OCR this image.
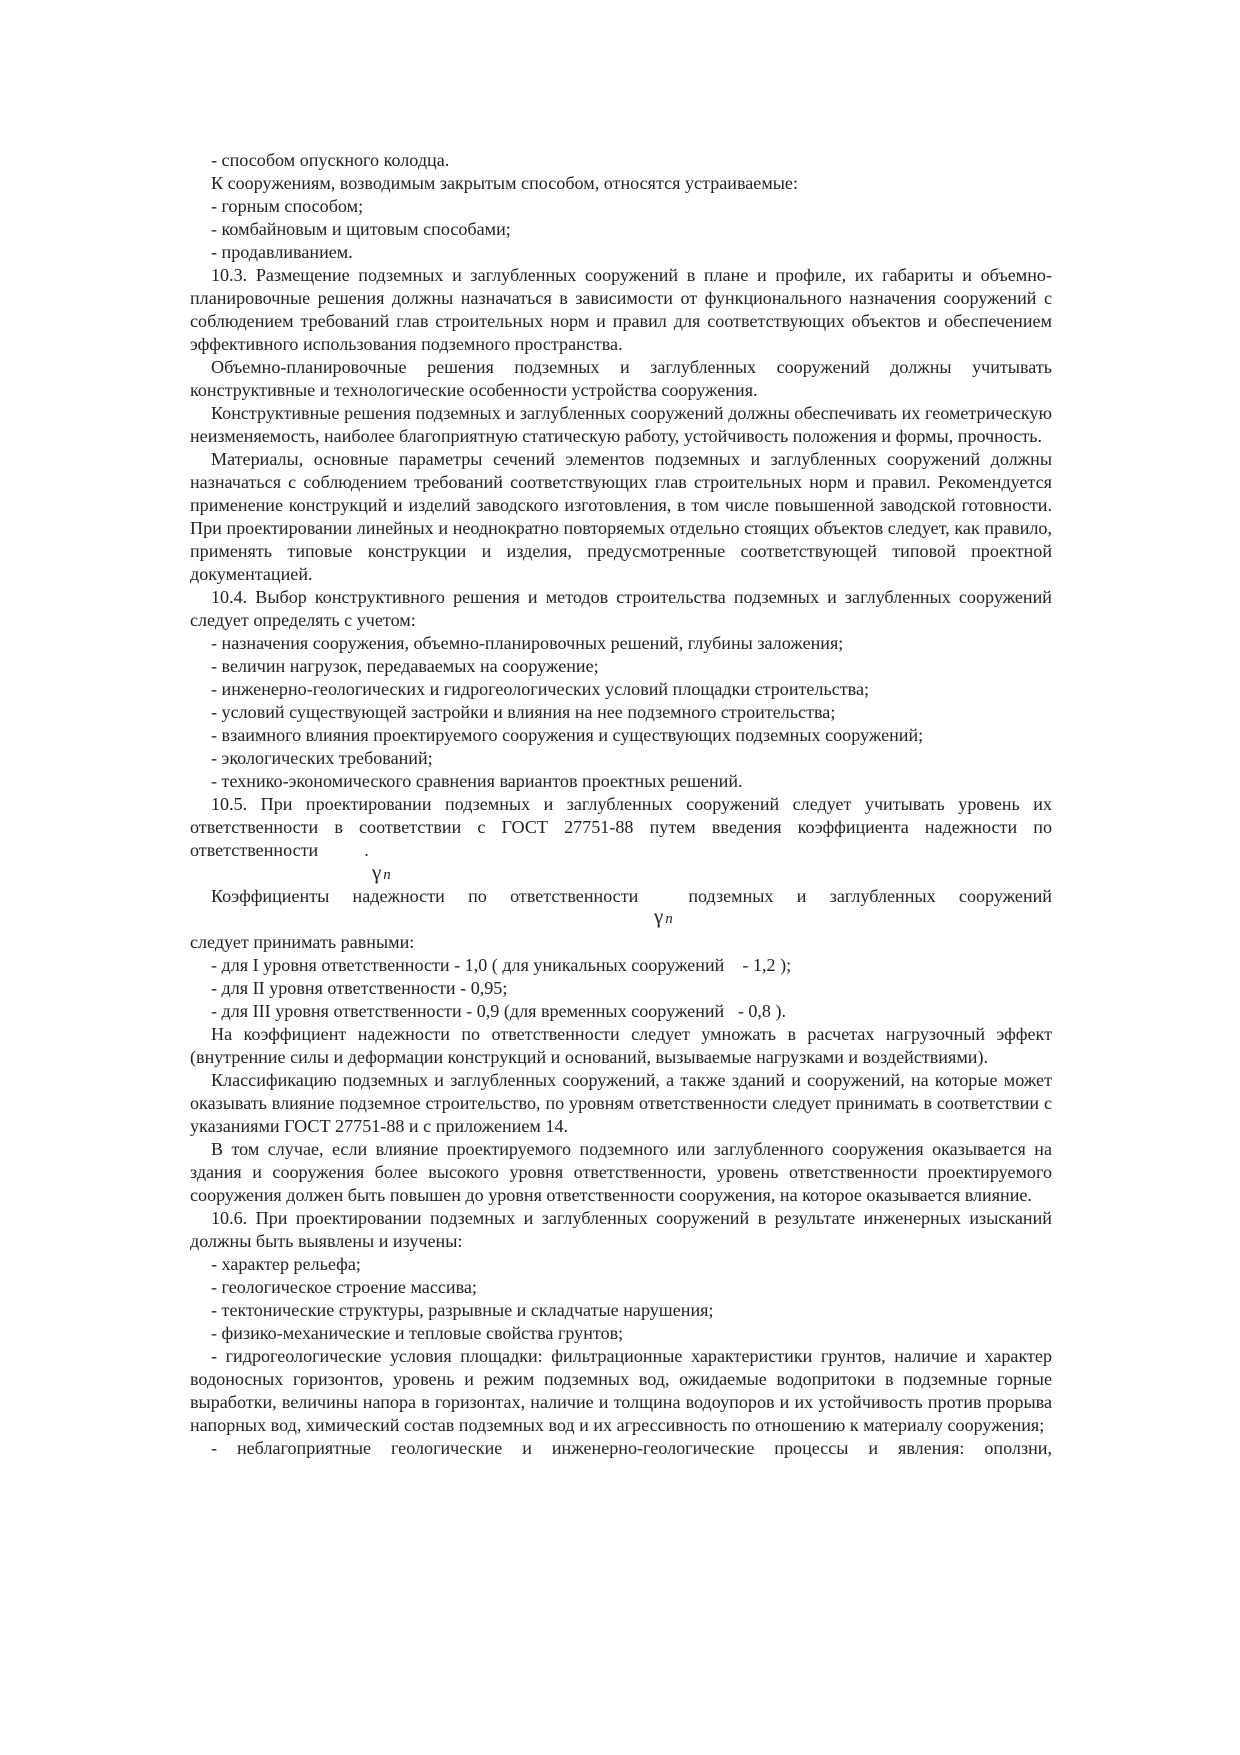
- способом опускного колодца.

К сооружениям, возводимым закрытым способом, относятся устраиваемые:

- горным способом;

- комбайновым и щитовым способами;

- продавливанием.

10.3. Размещение подземных и заглубленных сооружений в плане и профиле, их габариты и объемно-планировочные решения должны назначаться в зависимости от функционального назначения сооружений с соблюдением требований глав строительных норм и правил для соответствующих объектов и обеспечением эффективного использования подземного пространства.

Объемно-планировочные решения подземных и заглубленных сооружений должны учитывать конструктивные и технологические особенности устройства сооружения.

Конструктивные решения подземных и заглубленных сооружений должны обеспечивать их геометрическую неизменяемость, наиболее благоприятную статическую работу, устойчивость положения и формы, прочность.

Материалы, основные параметры сечений элементов подземных и заглубленных сооружений должны назначаться с соблюдением требований соответствующих глав строительных норм и правил. Рекомендуется применение конструкций и изделий заводского изготовления, в том числе повышенной заводской готовности. При проектировании линейных и неоднократно повторяемых отдельно стоящих объектов следует, как правило, применять типовые конструкции и изделия, предусмотренные соответствующей типовой проектной документацией.

10.4. Выбор конструктивного решения и методов строительства подземных и заглубленных сооружений следует определять с учетом:

- назначения сооружения, объемно-планировочных решений, глубины заложения;

- величин нагрузок, передаваемых на сооружение;

- инженерно-геологических и гидрогеологических условий площадки строительства;

- условий существующей застройки и влияния на нее подземного строительства;

- взаимного влияния проектируемого сооружения и существующих подземных сооружений;

- экологических требований;

- технико-экономического сравнения вариантов проектных решений.

10.5. При проектировании подземных и заглубленных сооружений следует учитывать уровень их ответственности в соответствии с ГОСТ 27751-88 путем введения коэффициента надежности по ответственности	.

γ n

Коэффициенты надежности по ответственности	подземных и заглубленных сооружений

γ n

следует принимать равными:

- для I уровня ответственности - 1,0 ( для уникальных сооружений    - 1,2 );

- для II уровня ответственности - 0,95;

- для III уровня ответственности - 0,9 (для временных сооружений   - 0,8 ).

На коэффициент надежности по ответственности следует умножать в расчетах нагрузочный эффект (внутренние силы и деформации конструкций и оснований, вызываемые нагрузками и воздействиями).

Классификацию подземных и заглубленных сооружений, а также зданий и сооружений, на которые может оказывать влияние подземное строительство, по уровням ответственности следует принимать в соответствии с указаниями ГОСТ 27751-88 и с приложением 14.

В том случае, если влияние проектируемого подземного или заглубленного сооружения оказывается на здания и сооружения более высокого уровня ответственности, уровень ответственности проектируемого сооружения должен быть повышен до уровня ответственности сооружения, на которое оказывается влияние.

10.6. При проектировании подземных и заглубленных сооружений в результате инженерных изысканий должны быть выявлены и изучены:

- характер рельефа;

- геологическое строение массива;

- тектонические структуры, разрывные и складчатые нарушения;

- физико-механические и тепловые свойства грунтов;

- гидрогеологические условия площадки: фильтрационные характеристики грунтов, наличие и характер водоносных горизонтов, уровень и режим подземных вод, ожидаемые водопритоки в подземные горные выработки, величины напора в горизонтах, наличие и толщина водоупоров и их устойчивость против прорыва напорных вод, химический состав подземных вод и их агрессивность по отношению к материалу сооружения;

- неблагоприятные геологические и инженерно-геологические процессы и явления: оползни,
